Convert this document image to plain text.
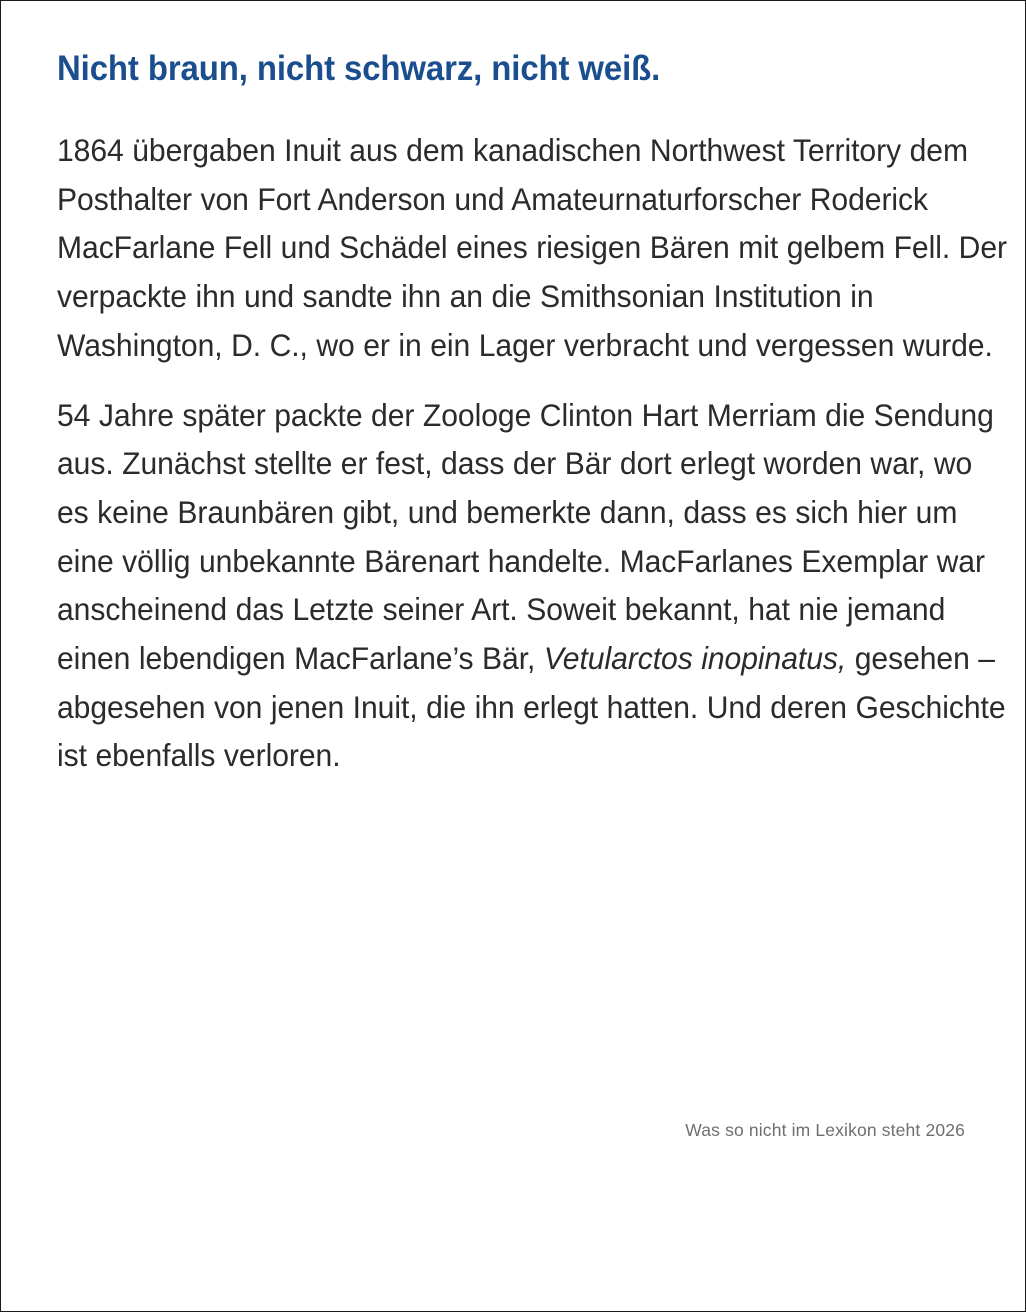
Nicht braun, nicht schwarz, nicht weiß.

1864 übergaben Inuit aus dem kanadischen Northwest Territory dem Posthalter von Fort Anderson und Amateurnaturforscher Roderick MacFarlane Fell und Schädel eines riesigen Bären mit gelbem Fell. Der verpackte ihn und sandte ihn an die Smithsonian Institution in Washington, D. C., wo er in ein Lager verbracht und vergessen wurde.

54 Jahre später packte der Zoologe Clinton Hart Merriam die Sendung aus. Zunächst stellte er fest, dass der Bär dort erlegt worden war, wo es keine Braunbären gibt, und bemerkte dann, dass es sich hier um eine völlig unbekannte Bärenart handelte. MacFarlanes Exemplar war anscheinend das Letzte seiner Art. Soweit bekannt, hat nie jemand einen lebendigen MacFarlane’s Bär, Vetularctos inopinatus, gesehen – abgesehen von jenen Inuit, die ihn erlegt hatten. Und deren Geschichte ist ebenfalls verloren.

Was so nicht im Lexikon steht 2026
